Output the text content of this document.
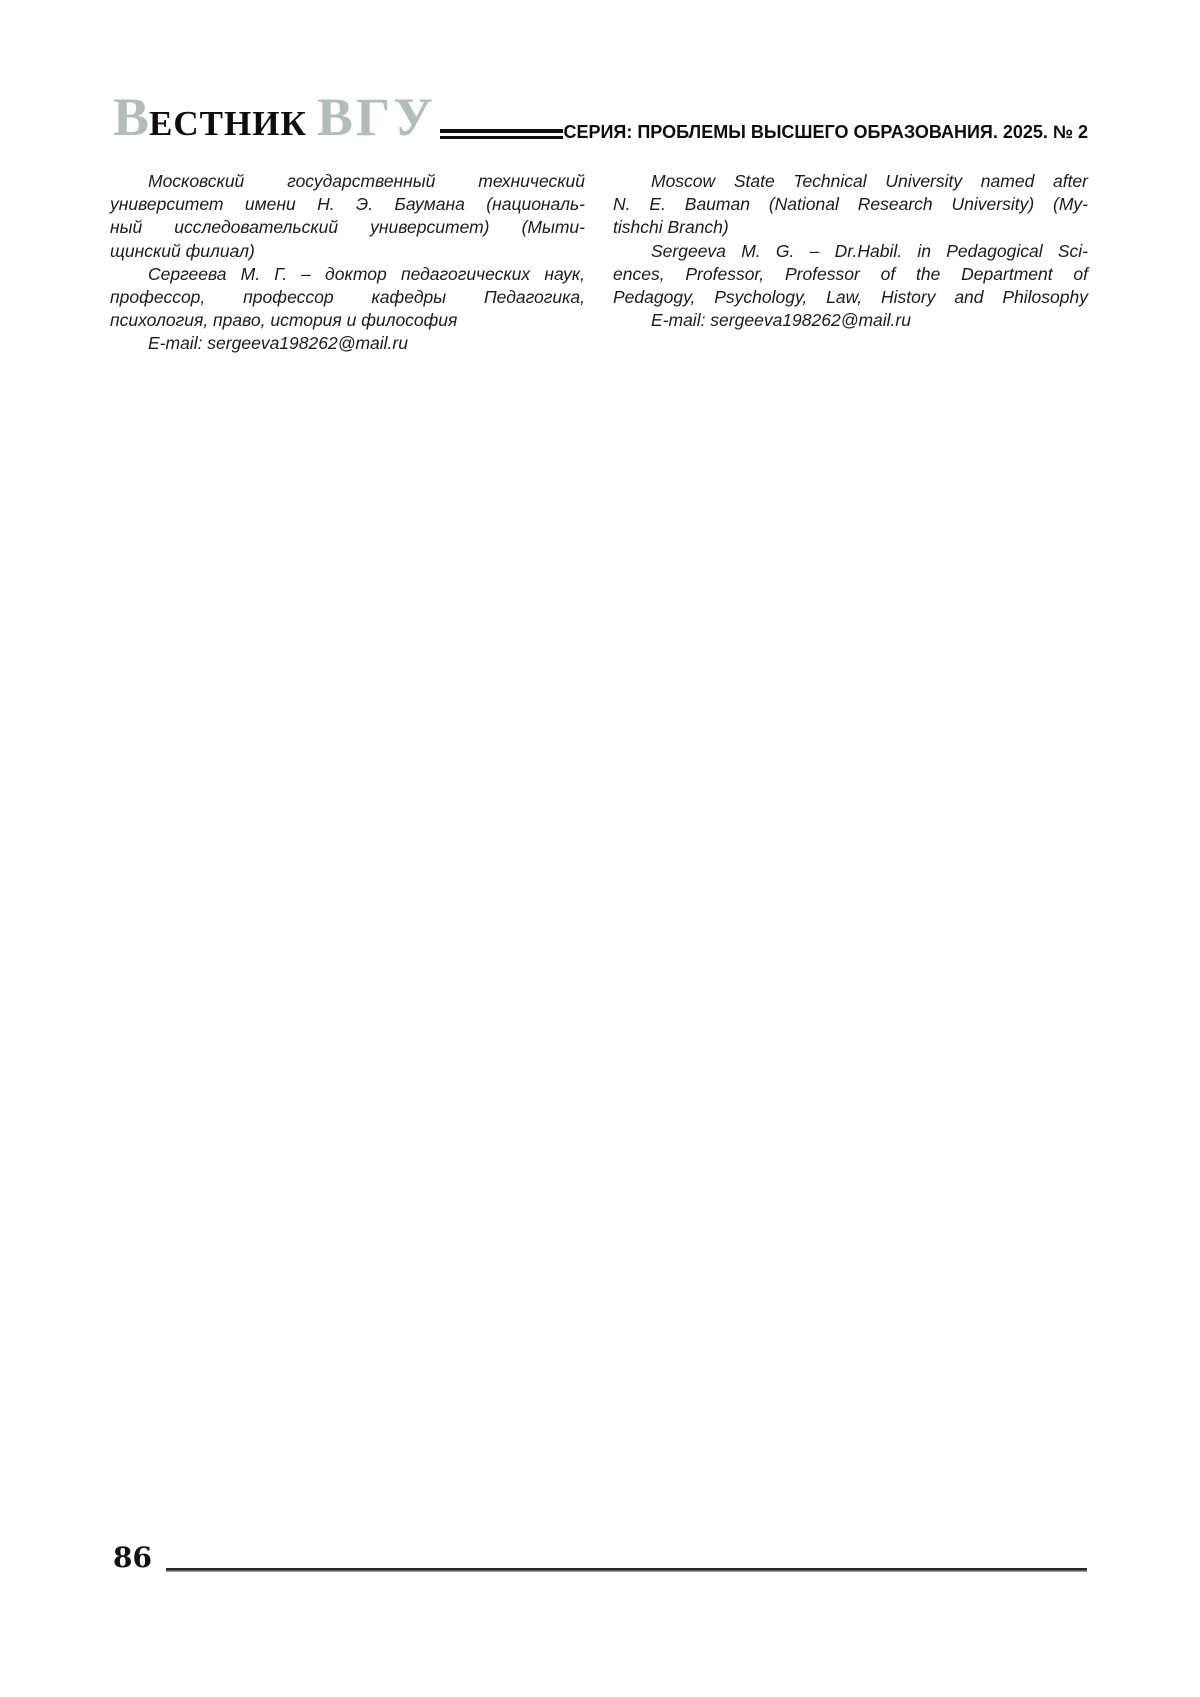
ВЕСТНИК ВГУ	СЕРИЯ: ПРОБЛЕМЫ ВЫСШЕГО ОБРАЗОВАНИЯ. 2025. № 2
Московский государственный технический
университет имени Н. Э. Баумана (националь-
ный исследовательский университет) (Мыти-
щинский филиал)
Сергеева М. Г. – доктор педагогических наук,
профессор, профессор кафедры Педагогика,
психология, право, история и философия
E-mail: sergeeva198262@mail.ru
Moscow State Technical University named after
N. E. Bauman (National Research University) (My-
tishchi Branch)
Sergeeva M. G. – Dr.Habil. in Pedagogical Sci-
ences, Professor, Professor of the Department of
Pedagogy, Psychology, Law, History and Philosophy
E-mail: sergeeva198262@mail.ru
86
